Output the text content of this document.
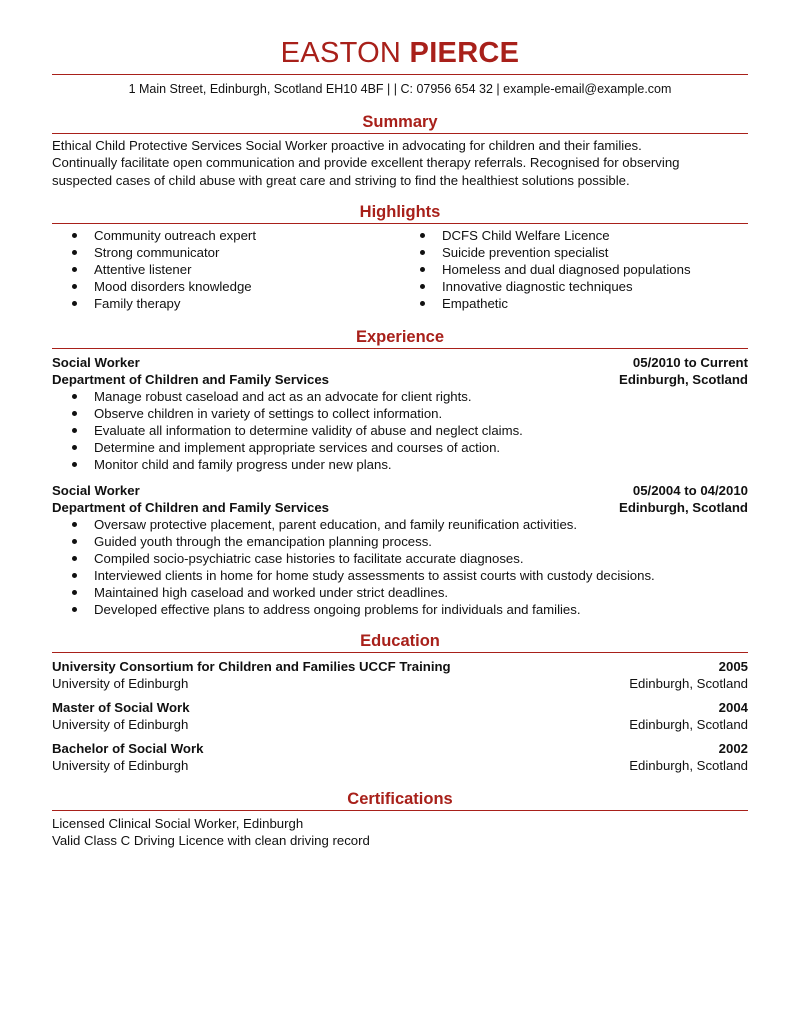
EASTON PIERCE
1 Main Street, Edinburgh, Scotland EH10 4BF | | C: 07956 654 32 | example-email@example.com
Summary
Ethical Child Protective Services Social Worker proactive in advocating for children and their families.
Continually facilitate open communication and provide excellent therapy referrals. Recognised for observing
suspected cases of child abuse with great care and striving to find the healthiest solutions possible.
Highlights
Community outreach expert
Strong communicator
Attentive listener
Mood disorders knowledge
Family therapy
DCFS Child Welfare Licence
Suicide prevention specialist
Homeless and dual diagnosed populations
Innovative diagnostic techniques
Empathetic
Experience
Social Worker	05/2010 to Current
Department of Children and Family Services	Edinburgh, Scotland
Manage robust caseload and act as an advocate for client rights.
Observe children in variety of settings to collect information.
Evaluate all information to determine validity of abuse and neglect claims.
Determine and implement appropriate services and courses of action.
Monitor child and family progress under new plans.
Social Worker	05/2004 to 04/2010
Department of Children and Family Services	Edinburgh, Scotland
Oversaw protective placement, parent education, and family reunification activities.
Guided youth through the emancipation planning process.
Compiled socio-psychiatric case histories to facilitate accurate diagnoses.
Interviewed clients in home for home study assessments to assist courts with custody decisions.
Maintained high caseload and worked under strict deadlines.
Developed effective plans to address ongoing problems for individuals and families.
Education
University Consortium for Children and Families UCCF Training	2005
University of Edinburgh	Edinburgh, Scotland
Master of Social Work	2004
University of Edinburgh	Edinburgh, Scotland
Bachelor of Social Work	2002
University of Edinburgh	Edinburgh, Scotland
Certifications
Licensed Clinical Social Worker, Edinburgh
Valid Class C Driving Licence with clean driving record
